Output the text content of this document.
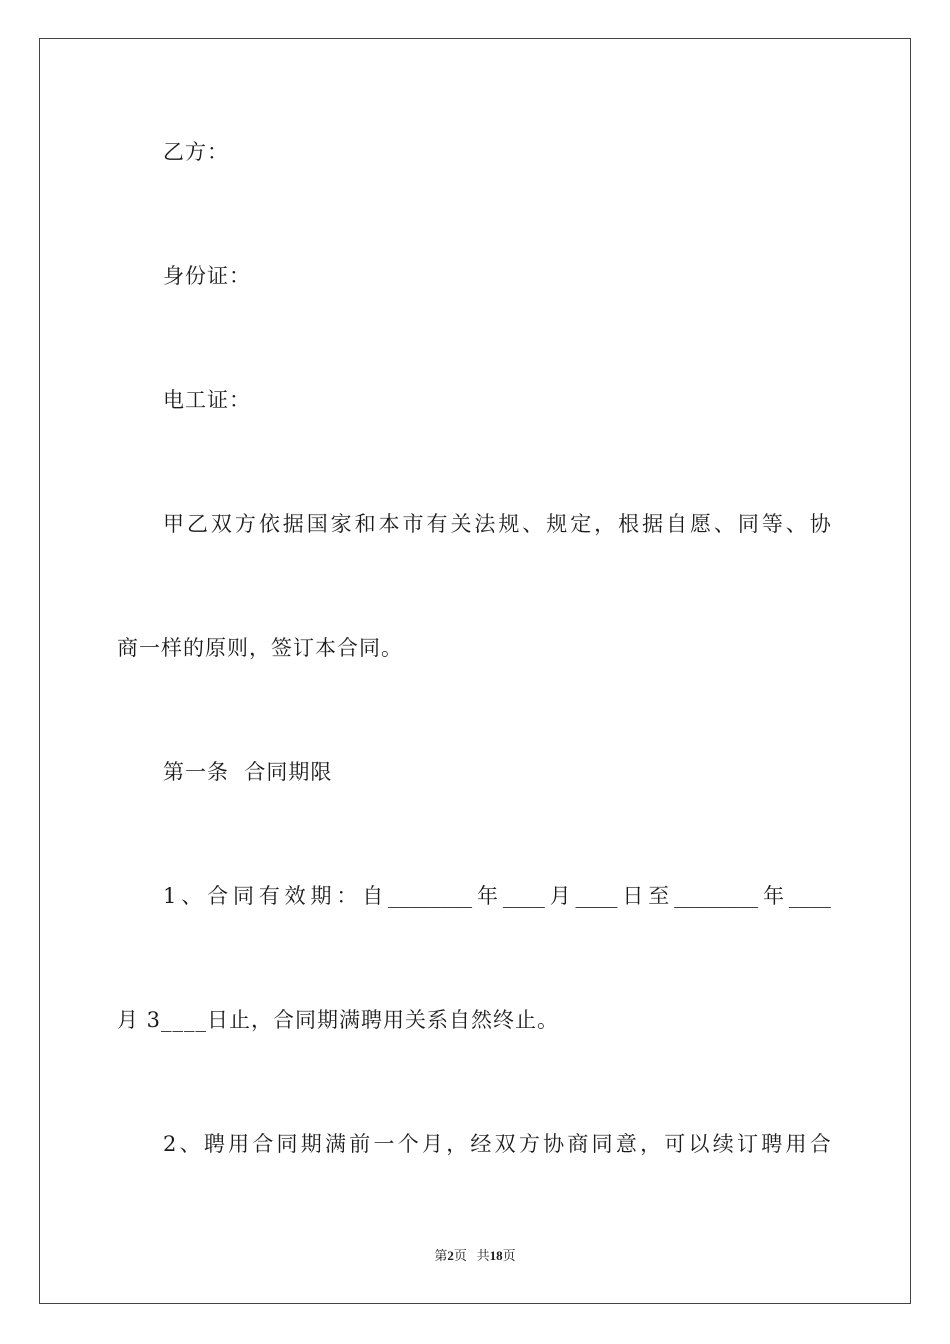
乙方：
身份证：
电工证：
甲 乙 双 方 依 据 国 家 和 本 市 有 关 法 规 、 规 定 ， 根 据 自 愿 、 同 等 、 协
商一样的原则，签订本合同。
第一条  合同期限
1 、 合 同 有 效 期 ： 自 ________ 年 ____ 月 ____ 日 至 ________ 年 ____
月 3____日止，合同期满聘用关系自然终止。
2 、 聘 用 合 同 期 满 前 一 个 月 ， 经 双 方 协 商 同 意 ， 可 以 续 订 聘 用 合
第2页 共18页
